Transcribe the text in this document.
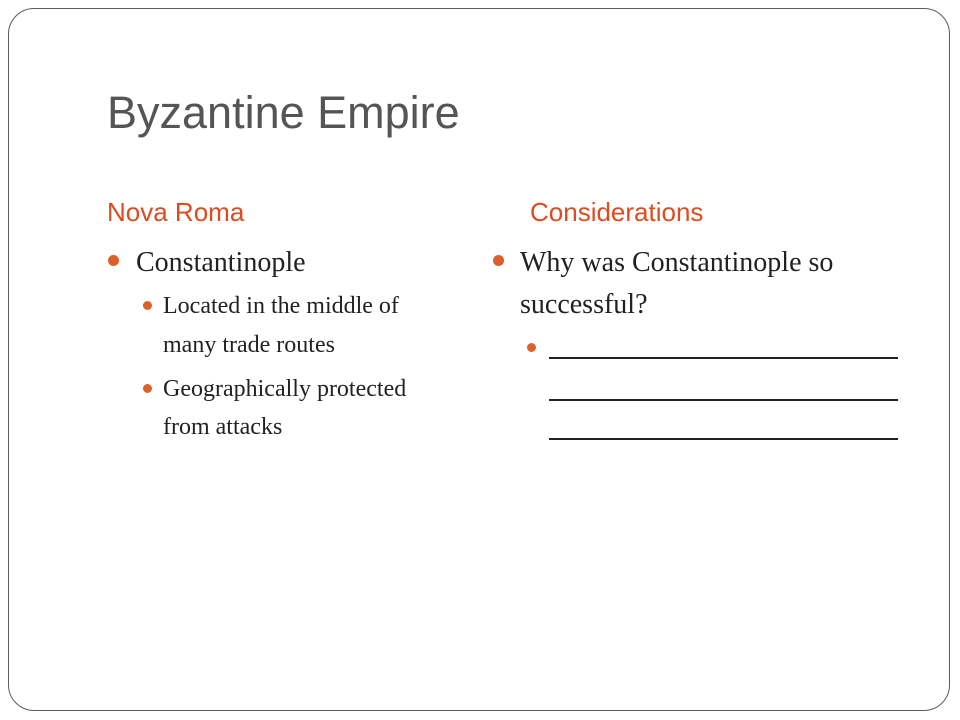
Byzantine Empire
Nova Roma	Considerations
Constantinople
Located in the middle of
many trade routes
Geographically protected
from attacks
Why was Constantinople so
successful?
